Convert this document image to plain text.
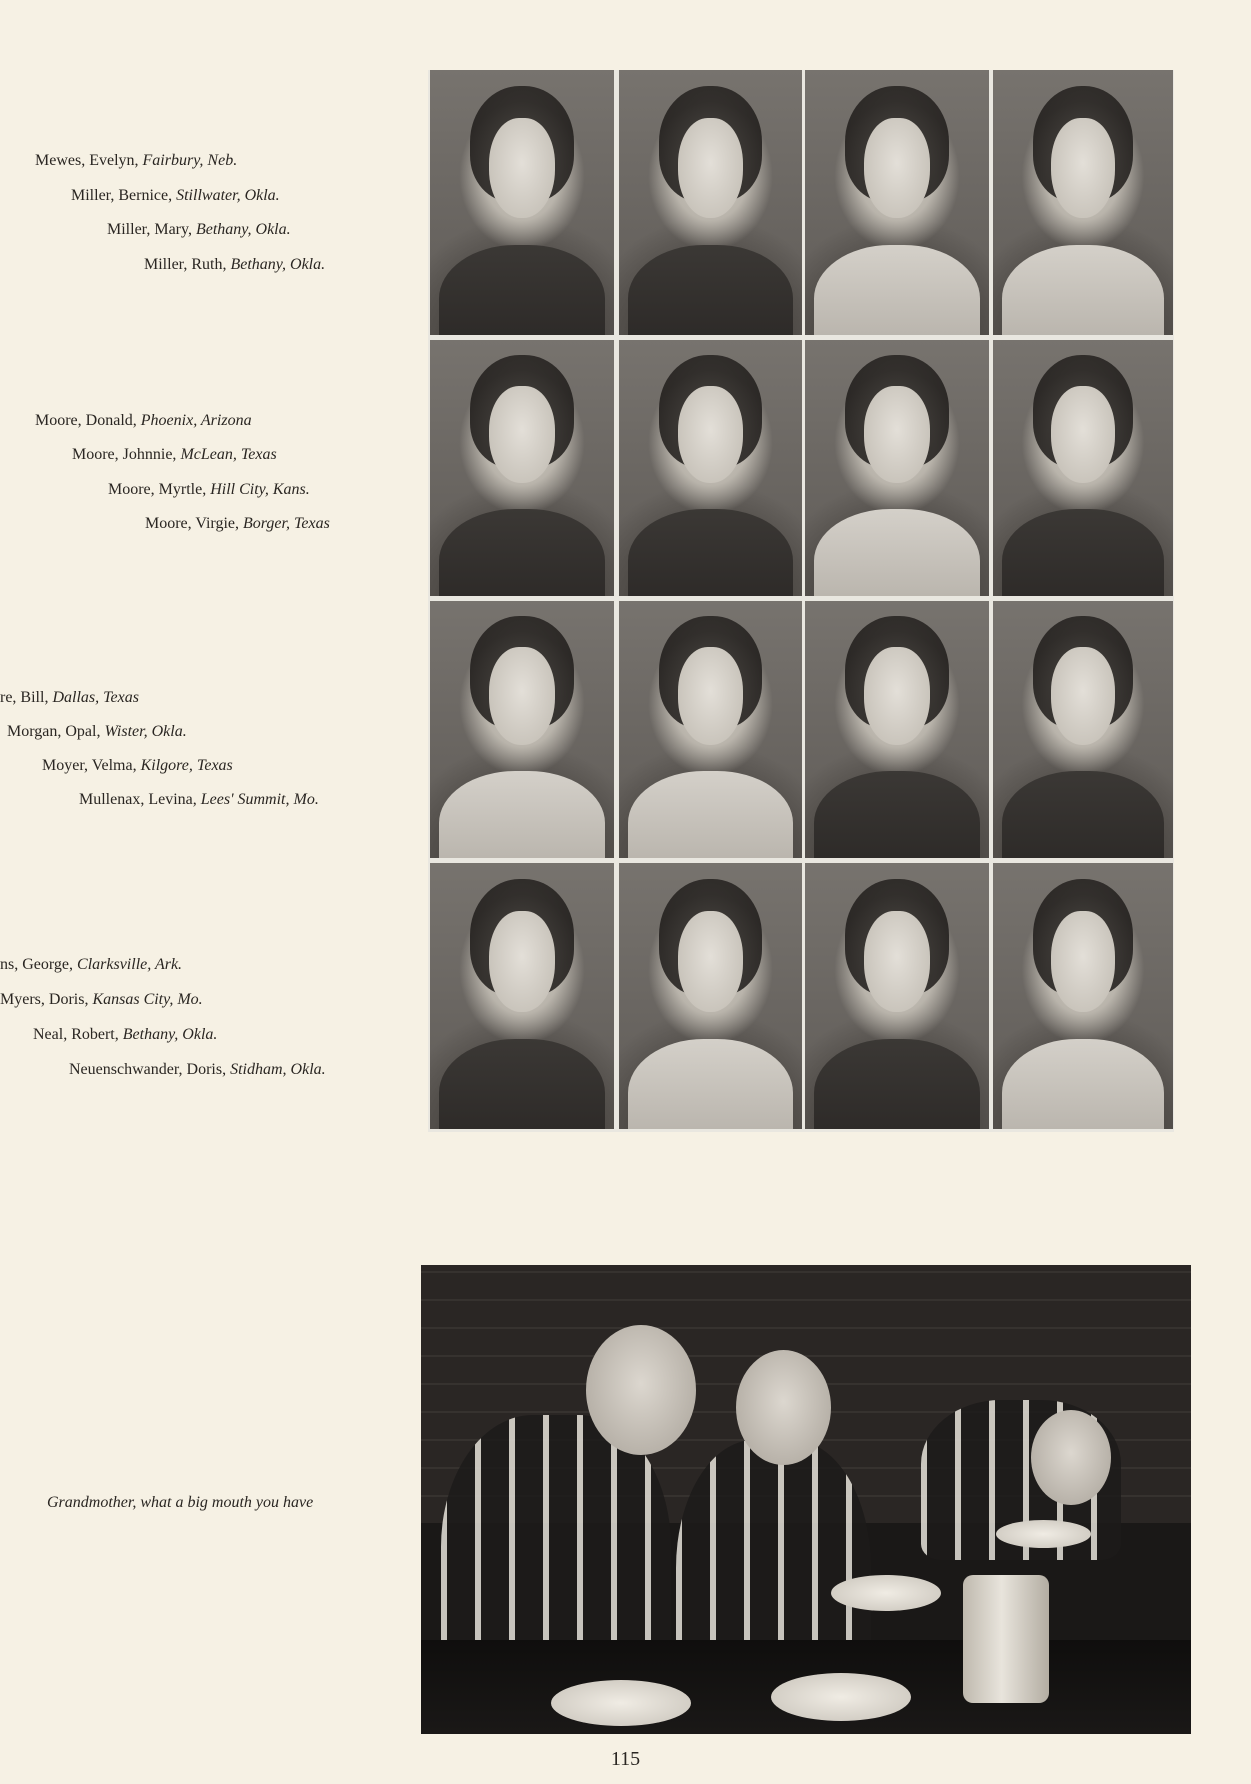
Mewes, Evelyn, Fairbury, Neb.
Miller, Bernice, Stillwater, Okla.
Miller, Mary, Bethany, Okla.
Miller, Ruth, Bethany, Okla.
Moore, Donald, Phoenix, Arizona
Moore, Johnnie, McLean, Texas
Moore, Myrtle, Hill City, Kans.
Moore, Virgie, Borger, Texas
re, Bill, Dallas, Texas
Morgan, Opal, Wister, Okla.
Moyer, Velma, Kilgore, Texas
Mullenax, Levina, Lees' Summit, Mo.
ns, George, Clarksville, Ark.
Myers, Doris, Kansas City, Mo.
Neal, Robert, Bethany, Okla.
Neuenschwander, Doris, Stidham, Okla.
Grandmother, what a big mouth you have
115
